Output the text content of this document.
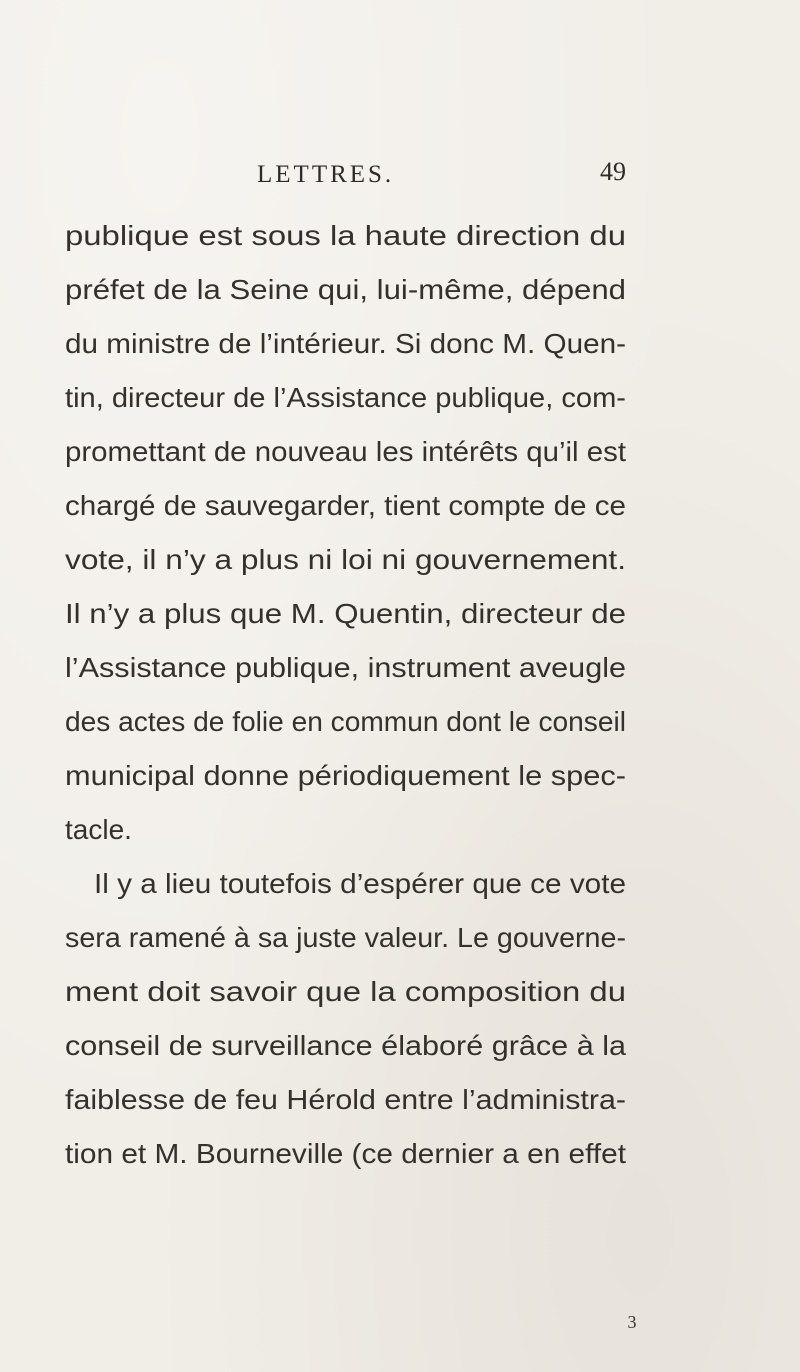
LETTRES.	49
publique est sous la haute direction du
préfet de la Seine qui, lui-même, dépend
du ministre de l’intérieur. Si donc M. Quen-
tin, directeur de l’Assistance publique, com-
promettant de nouveau les intérêts qu’il est
chargé de sauvegarder, tient compte de ce
vote, il n’y a plus ni loi ni gouvernement.
Il n’y a plus que M. Quentin, directeur de
l’Assistance publique, instrument aveugle
des actes de folie en commun dont le conseil
municipal donne périodiquement le spec-
tacle.
Il y a lieu toutefois d’espérer que ce vote
sera ramené à sa juste valeur. Le gouverne-
ment doit savoir que la composition du
conseil de surveillance élaboré grâce à la
faiblesse de feu Hérold entre l’administra-
tion et M. Bourneville (ce dernier a en effet
3
